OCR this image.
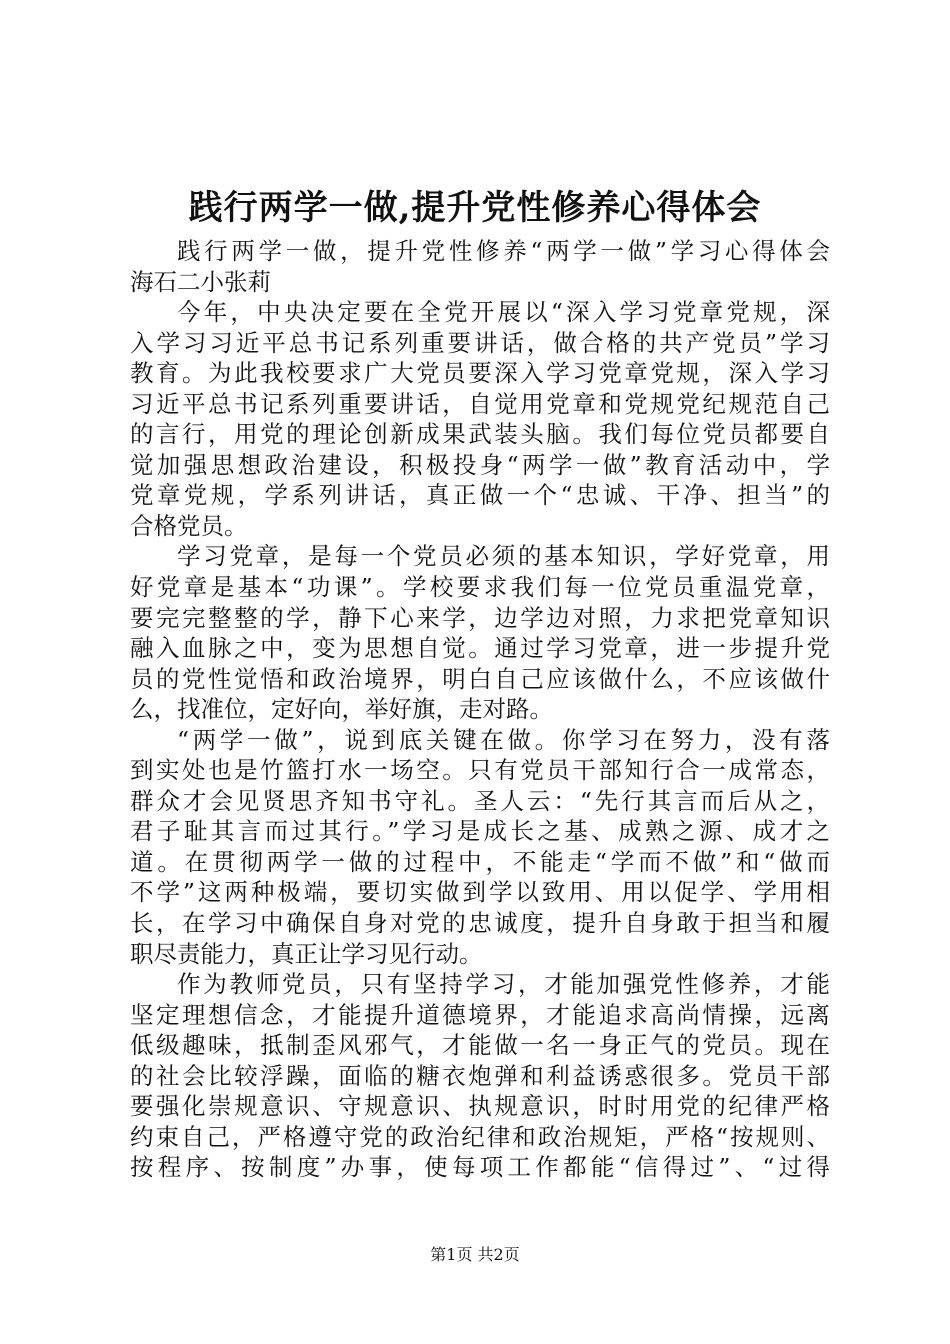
践行两学一做,提升党性修养心得体会
践行两学一做，提升党性修养“两学一做”学习心得体会
海石二小张莉
今年，中央决定要在全党开展以“深入学习党章党规，深
入学习习近平总书记系列重要讲话，做合格的共产党员”学习
教育。为此我校要求广大党员要深入学习党章党规，深入学习
习近平总书记系列重要讲话，自觉用党章和党规党纪规范自己
的言行，用党的理论创新成果武装头脑。我们每位党员都要自
觉加强思想政治建设，积极投身“两学一做”教育活动中，学
党章党规，学系列讲话，真正做一个“忠诚、干净、担当”的
合格党员。
学习党章，是每一个党员必须的基本知识，学好党章，用
好党章是基本“功课”。学校要求我们每一位党员重温党章，
要完完整整的学，静下心来学，边学边对照，力求把党章知识
融入血脉之中，变为思想自觉。通过学习党章，进一步提升党
员的党性觉悟和政治境界，明白自己应该做什么，不应该做什
么，找准位，定好向，举好旗，走对路。
“两学一做”，说到底关键在做。你学习在努力，没有落
到实处也是竹篮打水一场空。只有党员干部知行合一成常态，
群众才会见贤思齐知书守礼。圣人云：“先行其言而后从之，
君子耻其言而过其行。”学习是成长之基、成熟之源、成才之
道。在贯彻两学一做的过程中，不能走“学而不做”和“做而
不学”这两种极端，要切实做到学以致用、用以促学、学用相
长，在学习中确保自身对党的忠诚度，提升自身敢于担当和履
职尽责能力，真正让学习见行动。
作为教师党员，只有坚持学习，才能加强党性修养，才能
坚定理想信念，才能提升道德境界，才能追求高尚情操，远离
低级趣味，抵制歪风邪气，才能做一名一身正气的党员。现在
的社会比较浮躁，面临的糖衣炮弹和利益诱惑很多。党员干部
要强化崇规意识、守规意识、执规意识，时时用党的纪律严格
约束自己，严格遵守党的政治纪律和政治规矩，严格“按规则、
按程序、按制度”办事，使每项工作都能“信得过”、“过得
第1页 共2页
